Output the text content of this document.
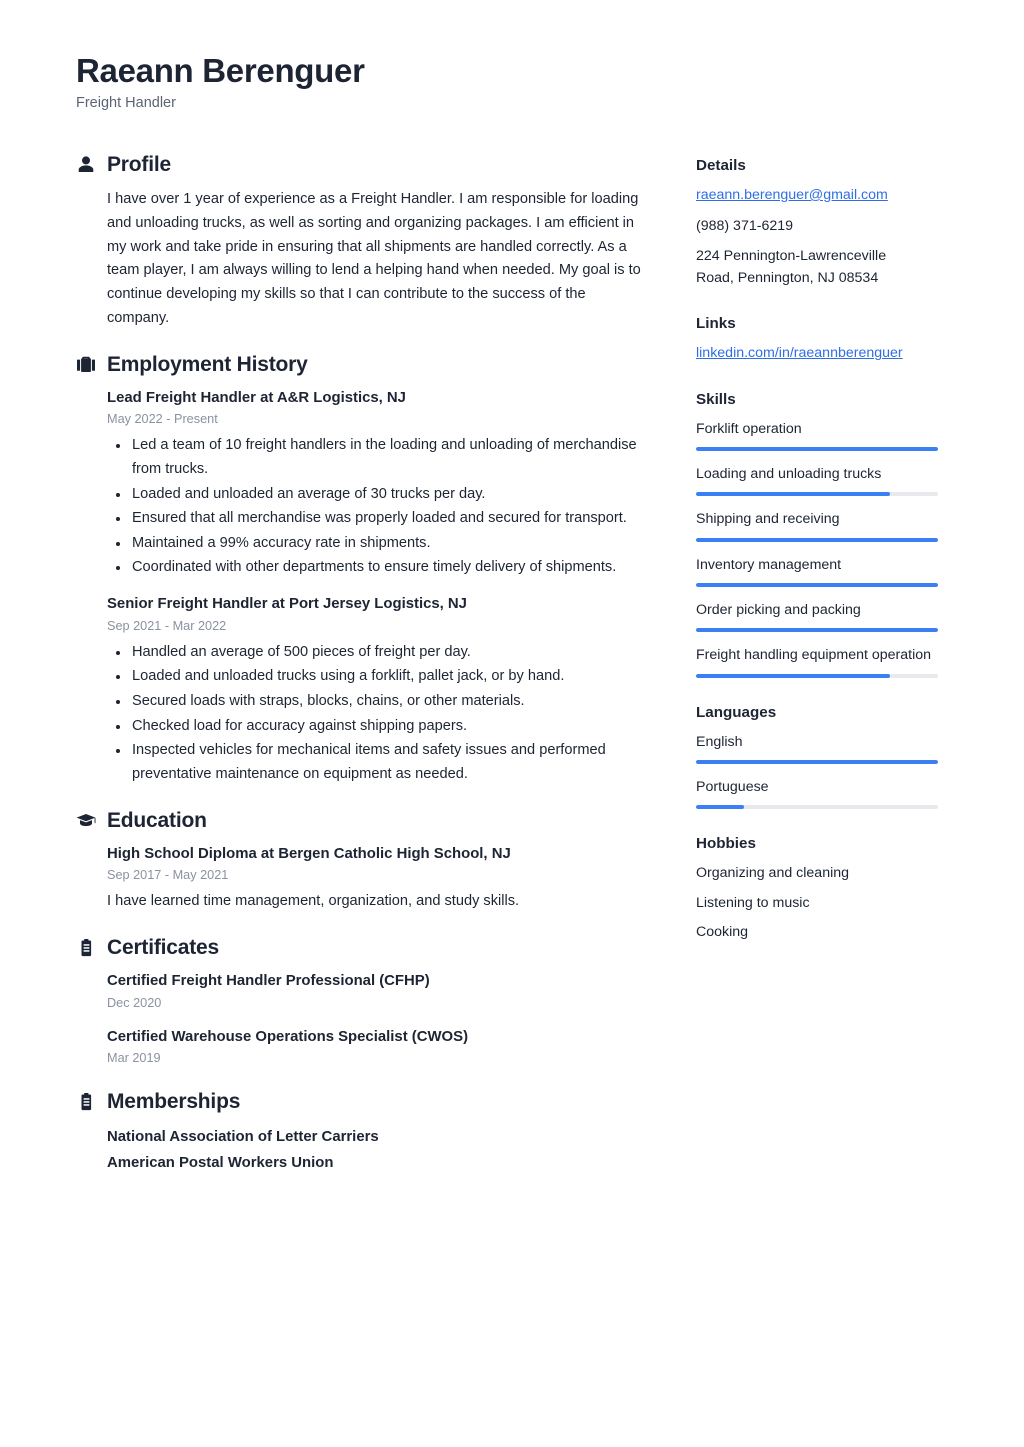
Raeann Berenguer
Freight Handler
Profile

I have over 1 year of experience as a Freight Handler. I am responsible for loading and unloading trucks, as well as sorting and organizing packages. I am efficient in my work and take pride in ensuring that all shipments are handled correctly. As a team player, I am always willing to lend a helping hand when needed. My goal is to continue developing my skills so that I can contribute to the success of the company.

Employment History
Lead Freight Handler at A&R Logistics, NJ
May 2022 - Present
Led a team of 10 freight handlers in the loading and unloading of merchandise from trucks.
Loaded and unloaded an average of 30 trucks per day.
Ensured that all merchandise was properly loaded and secured for transport.
Maintained a 99% accuracy rate in shipments.
Coordinated with other departments to ensure timely delivery of shipments.
Senior Freight Handler at Port Jersey Logistics, NJ
Sep 2021 - Mar 2022
Handled an average of 500 pieces of freight per day.
Loaded and unloaded trucks using a forklift, pallet jack, or by hand.
Secured loads with straps, blocks, chains, or other materials.
Checked load for accuracy against shipping papers.
Inspected vehicles for mechanical items and safety issues and performed preventative maintenance on equipment as needed.
Education
High School Diploma at Bergen Catholic High School, NJ
Sep 2017 - May 2021
I have learned time management, organization, and study skills.
Certificates
Certified Freight Handler Professional (CFHP)
Dec 2020
Certified Warehouse Operations Specialist (CWOS)
Mar 2019
Memberships
National Association of Letter Carriers
American Postal Workers Union
Details
raeann.berenguer@gmail.com
(988) 371-6219
224 Pennington-Lawrenceville
Road, Pennington, NJ 08534
Links
linkedin.com/in/raeannberenguer
Skills
Forklift operation
Loading and unloading trucks
Shipping and receiving
Inventory management
Order picking and packing
Freight handling equipment operation
Languages
English
Portuguese
Hobbies
Organizing and cleaning
Listening to music
Cooking
